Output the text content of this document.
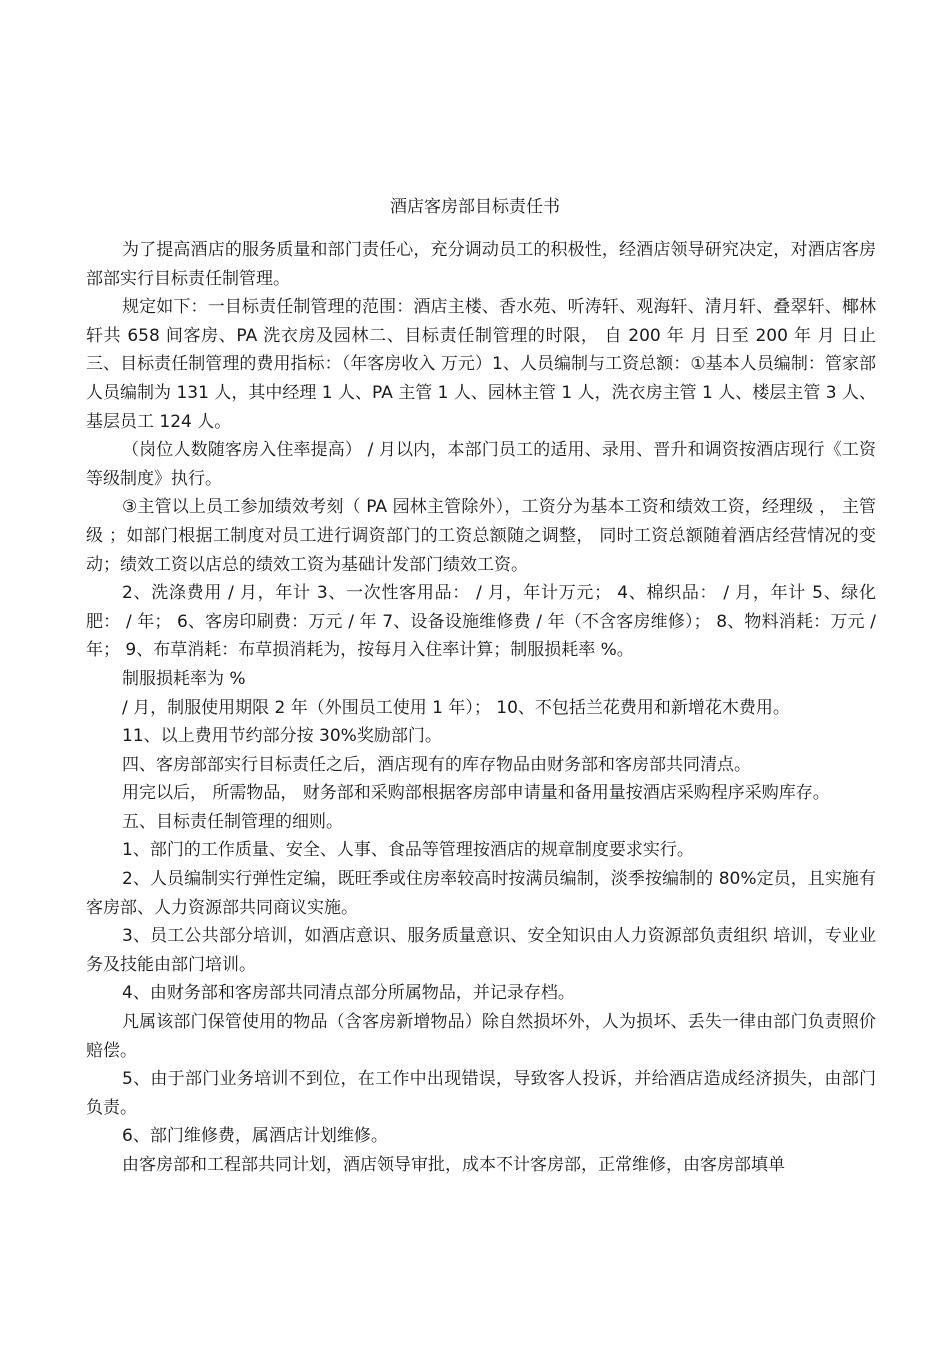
酒店客房部目标责任书

为了提高酒店的服务质量和部门责任心，充分调动员工的积极性，经酒店领导研究决定，对酒店客房部部实行目标责任制管理。

规定如下：一目标责任制管理的范围：酒店主楼、香水苑、听涛轩、观海轩、清月轩、叠翠轩、椰林轩共 658 间客房、PA 洗衣房及园林二、目标责任制管理的时限， 自 200 年 月 日至 200 年 月 日止三、目标责任制管理的费用指标：（年客房收入 万元）1、人员编制与工资总额：①基本人员编制：管家部人员编制为 131 人，其中经理 1 人、PA 主管 1 人、园林主管 1 人，洗衣房主管 1 人、楼层主管 3 人、基层员工 124 人。

（岗位人数随客房入住率提高） / 月以内，本部门员工的适用、录用、晋升和调资按酒店现行《工资等级制度》执行。

③主管以上员工参加绩效考刻（ PA 园林主管除外），工资分为基本工资和绩效工资，经理级 ， 主管级 ；如部门根据工制度对员工进行调资部门的工资总额随之调整， 同时工资总额随着酒店经营情况的变动；绩效工资以店总的绩效工资为基础计发部门绩效工资。

2、洗涤费用 / 月，年计 3、一次性客用品： / 月，年计万元； 4、棉织品： / 月，年计 5、绿化肥： / 年； 6、客房印刷费：万元 / 年 7、设备设施维修费 / 年（不含客房维修）； 8、物料消耗：万元 / 年； 9、布草消耗：布草损消耗为，按每月入住率计算；制服损耗率 %。

制服损耗率为 %

/ 月，制服使用期限 2 年（外围员工使用 1 年）； 10、不包括兰花费用和新增花木费用。

11、以上费用节约部分按 30%奖励部门。

四、客房部部实行目标责任之后，酒店现有的库存物品由财务部和客房部共同清点。

用完以后， 所需物品， 财务部和采购部根据客房部申请量和备用量按酒店采购程序采购库存。

五、目标责任制管理的细则。

1、部门的工作质量、安全、人事、食品等管理按酒店的规章制度要求实行。

2、人员编制实行弹性定编，既旺季或住房率较高时按满员编制，淡季按编制的 80%定员，且实施有客房部、人力资源部共同商议实施。

3、员工公共部分培训，如酒店意识、服务质量意识、安全知识由人力资源部负责组织 培训，专业业务及技能由部门培训。

4、由财务部和客房部共同清点部分所属物品，并记录存档。

凡属该部门保管使用的物品（含客房新增物品）除自然损坏外，人为损坏、丢失一律由部门负责照价赔偿。

5、由于部门业务培训不到位，在工作中出现错误，导致客人投诉，并给酒店造成经济损失，由部门负责。

6、部门维修费，属酒店计划维修。

由客房部和工程部共同计划，酒店领导审批，成本不计客房部，正常维修，由客房部填单
